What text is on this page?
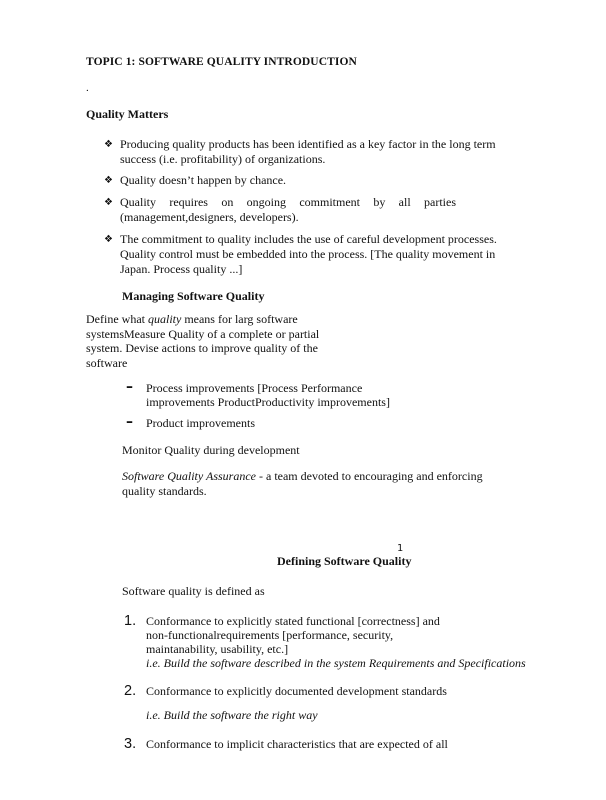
TOPIC 1: SOFTWARE QUALITY INTRODUCTION
.
Quality Matters
❖ Producing quality products has been identified as a key factor in the long term
success (i.e. profitability) of organizations.
❖ Quality doesn’t happen by chance.
❖ Quality requires on ongoing commitment by all parties
(management,designers, developers).
❖ The commitment to quality includes the use of careful development processes.
Quality control must be embedded into the process. [The quality movement in
Japan. Process quality ...]
Managing Software Quality
Define what quality means for larg software
systemsMeasure Quality of a complete or partial
system. Devise actions to improve quality of the
software
–	Process improvements [Process Performance
improvements ProductProductivity improvements]
–	Product improvements
Monitor Quality during development
Software Quality Assurance - a team devoted to encouraging and enforcing
quality standards.
1
Defining Software Quality
Software quality is defined as
1. Conformance to explicitly stated functional [correctness] and
non-functionalrequirements [performance, security,
maintanability, usability, etc.]
i.e. Build the software described in the system Requirements and Specifications
2. Conformance to explicitly documented development standards
i.e. Build the software the right way
3. Conformance to implicit characteristics that are expected of all
